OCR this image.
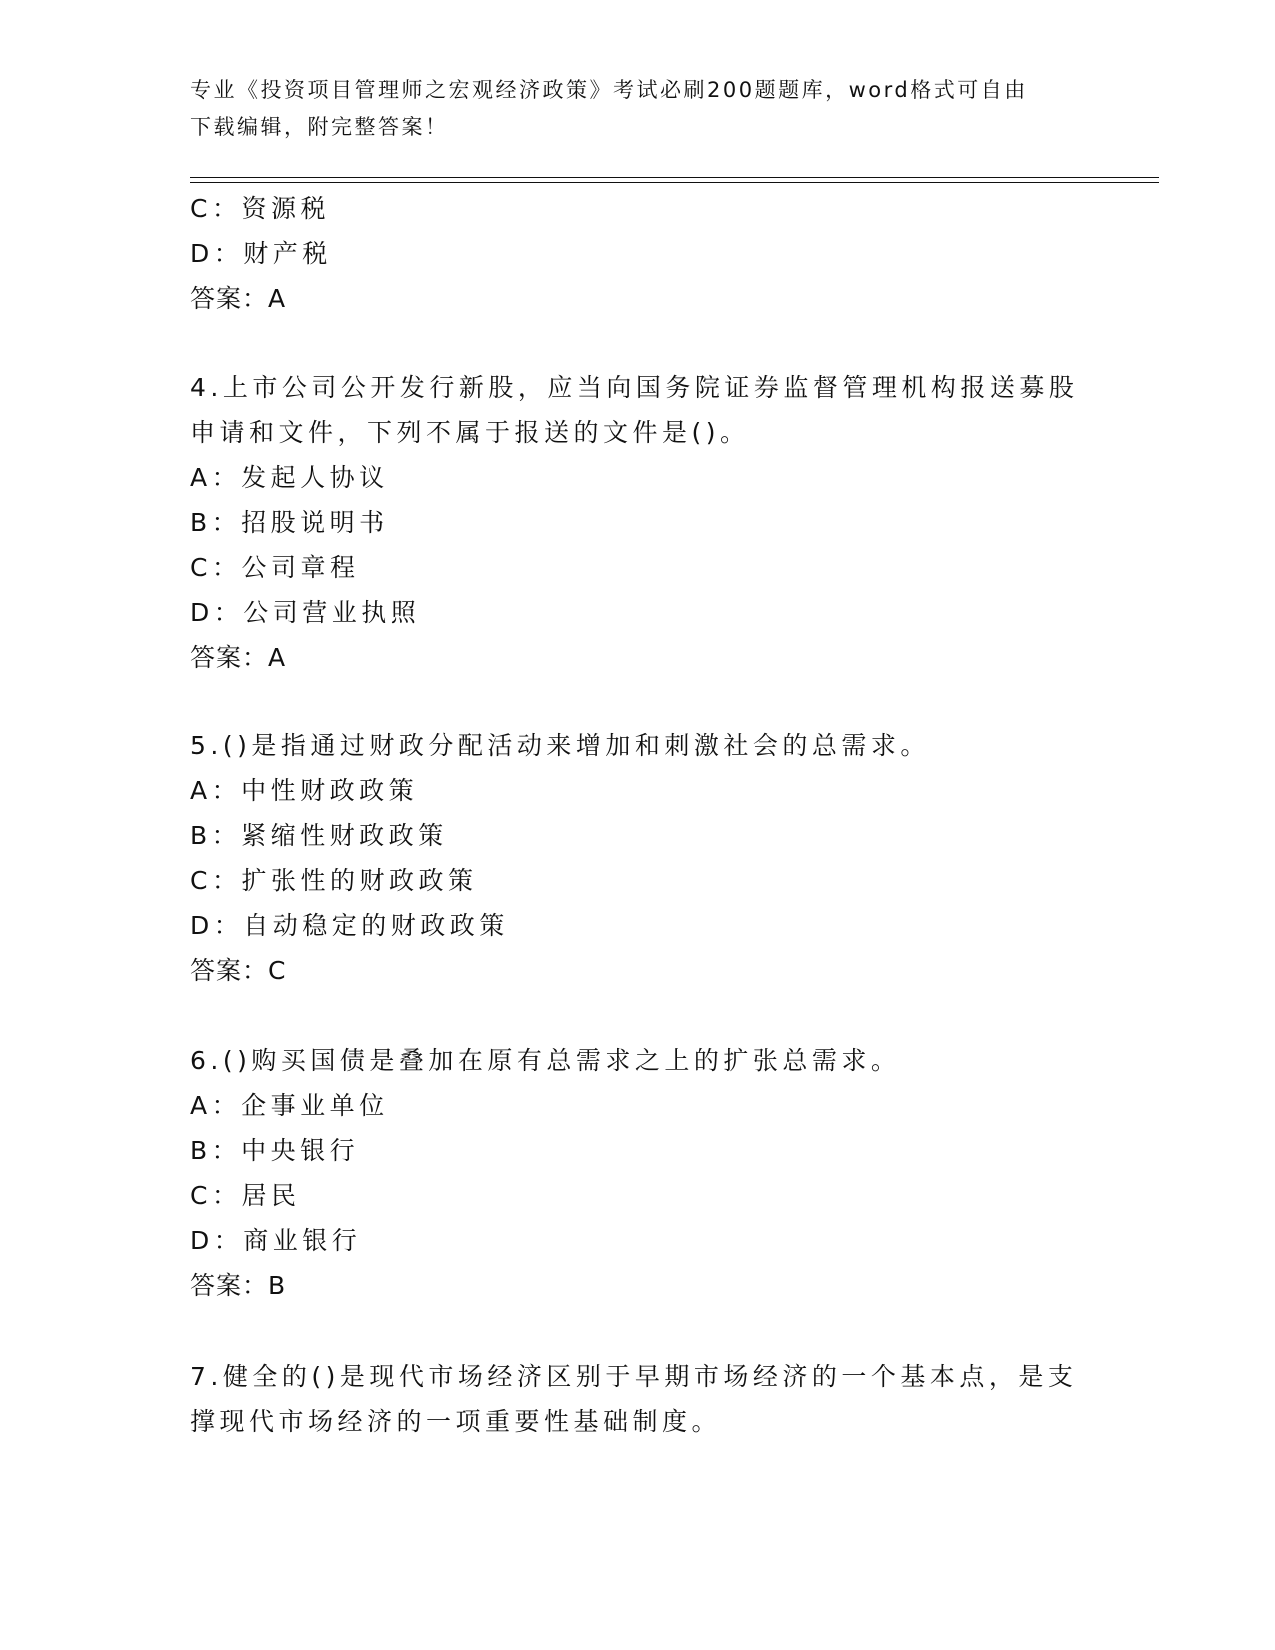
专业《投资项目管理师之宏观经济政策》考试必刷200题题库，word格式可自由
下载编辑，附完整答案！
C：资源税
D：财产税
答案：A
4.上市公司公开发行新股，应当向国务院证券监督管理机构报送募股
申请和文件，下列不属于报送的文件是()。
A：发起人协议
B：招股说明书
C：公司章程
D：公司营业执照
答案：A
5.()是指通过财政分配活动来增加和刺激社会的总需求。
A：中性财政政策
B：紧缩性财政政策
C：扩张性的财政政策
D：自动稳定的财政政策
答案：C
6.()购买国债是叠加在原有总需求之上的扩张总需求。
A：企事业单位
B：中央银行
C：居民
D：商业银行
答案：B
7.健全的()是现代市场经济区别于早期市场经济的一个基本点，是支
撑现代市场经济的一项重要性基础制度。
